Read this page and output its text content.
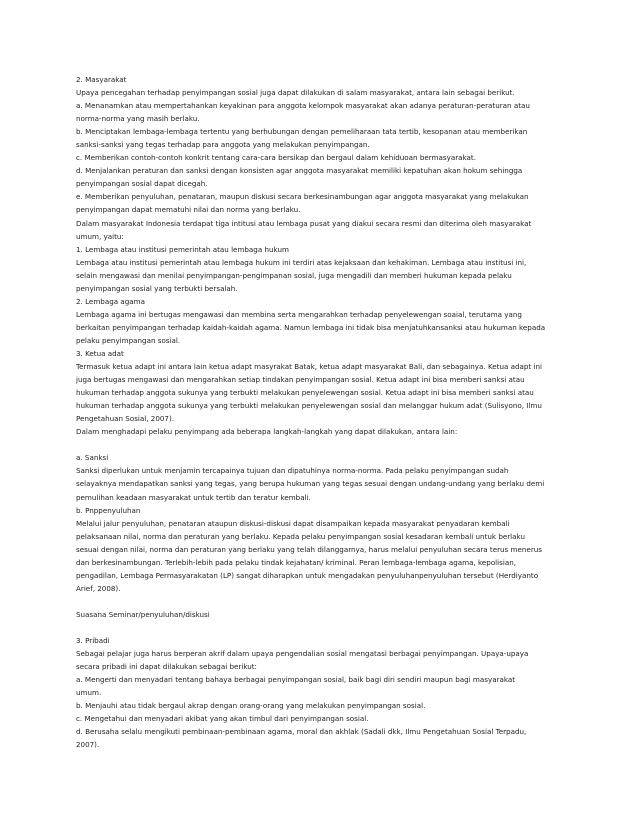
2. Masyarakat
Upaya pencegahan terhadap penyimpangan sosial juga dapat dilakukan di salam masyarakat, antara lain sebagai berikut.
a. Menanamkan atau mempertahankan keyakinan para anggota kelompok masyarakat akan adanya peraturan-peraturan atau
norma-norma yang masih berlaku.
b. Menciptakan lembaga-lembaga tertentu yang berhubungan dengan pemeliharaan tata tertib, kesopanan atau memberikan
sanksi-sanksi yang tegas terhadap para anggota yang melakukan penyimpangan.
c. Memberikan contoh-contoh konkrit tentang cara-cara bersikap dan bergaul dalam kehiduoan bermasyarakat.
d. Menjalankan peraturan dan sanksi dengan konsisten agar anggota masyarakat memiliki kepatuhan akan hokum sehingga
penyimpangan sosial dapat dicegah.
e. Memberikan penyuluhan, penataran, maupun diskusi secara berkesinambungan agar anggota masyarakat yang melakukan
penyimpangan dapat mematuhi nilai dan norma yang berlaku.
Dalam masyarakat Indonesia terdapat tiga intitusi atau lembaga pusat yang diakui secara resmi dan diterima oleh masyarakat
umum, yaitu:
1. Lembaga atau institusi pemerintah atau lembaga hukum
Lembaga atau institusi pemerintah atau lembaga hukum ini terdiri atas kejaksaan dan kehakiman. Lembaga atau institusi ini,
selain mengawasi dan menilai penyimpangan-pengimpanan sosial, juga mengadili dan memberi hukuman kepada pelaku
penyimpangan sosial yang terbukti bersalah.
2. Lembaga agama
Lembaga agama ini bertugas mengawasi dan membina serta mengarahkan terhadap penyelewengan soaial, terutama yang
berkaitan penyimpangan terhadap kaidah-kaidah agama. Namun lembaga ini tidak bisa menjatuhkansanksi atau hukuman kepada
pelaku penyimpangan sosial.
3. Ketua adat
Termasuk ketua adapt ini antara lain ketua adapt masyrakat Batak, ketua adapt masyarakat Bali, dan sebagainya. Ketua adapt ini
juga bertugas mengawasi dan mengarahkan setiap tindakan penyimpangan sosial. Ketua adapt ini bisa memberi sanksi atau
hukuman terhadap anggota sukunya yang terbukti melakukan penyelewengan sosial. Ketua adapt ini bisa memberi sanksi atau
hukuman terhadap anggota sukunya yang terbukti melakukan penyelewengan sosial dan melanggar hukum adat (Sulisyono, Ilmu
Pengetahuan Sosial, 2007).
Dalam menghadapi pelaku penyimpang ada beberapa langkah-langkah yang dapat dilakukan, antara lain:
a. Sanksi
Sanksi diperlukan untuk menjamin tercapainya tujuan dan dipatuhinya norma-norma. Pada pelaku penyimpangan sudah
selayaknya mendapatkan sanksi yang tegas, yang berupa hukuman yang tegas sesuai dengan undang-undang yang berlaku demi
pemulihan keadaan masyarakat untuk tertib dan teratur kembali.
b. Pnppenyuluhan
Melalui jalur penyuluhan, penataran ataupun diskusi-diskusi dapat disampaikan kepada masyarakat penyadaran kembali
pelaksanaan nilai, norma dan peraturan yang berlaku. Kepada pelaku penyimpangan sosial kesadaran kembali untuk berlaku
sesuai dengan nilai, norma dan peraturan yang berlaku yang telah dilanggarnya, harus melalui penyuluhan secara terus menerus
dan berkesinambungan. Terlebih-lebih pada pelaku tindak kejahatan/ kriminal. Peran lembaga-lembaga agama, kepolisian,
pengadilan, Lembaga Permasyarakatan (LP) sangat diharapkan untuk mengadakan penyuluhanpenyuluhan tersebut (Herdiyanto
Arief, 2008).
Suasana Seminar/penyuluhan/diskusi
3. Pribadi
Sebagai pelajar juga harus berperan akrif dalam upaya pengendalian sosial mengatasi berbagai penyimpangan. Upaya-upaya
secara pribadi ini dapat dilakukan sebagai berikut:
a. Mengerti dan menyadari tentang bahaya berbagai penyimpangan sosial, baik bagi diri sendiri maupun bagi masyarakat
umum.
b. Menjauhi atau tidak bergaul akrap dengan orang-orang yang melakukan penyimpangan sosial.
c. Mengetahui dan menyadari akibat yang akan timbul dari penyimpangan sosial.
d. Berusaha selalu mengikuti pembinaan-pembinaan agama, moral dan akhlak (Sadali dkk, Ilmu Pengetahuan Sosial Terpadu,
2007).
